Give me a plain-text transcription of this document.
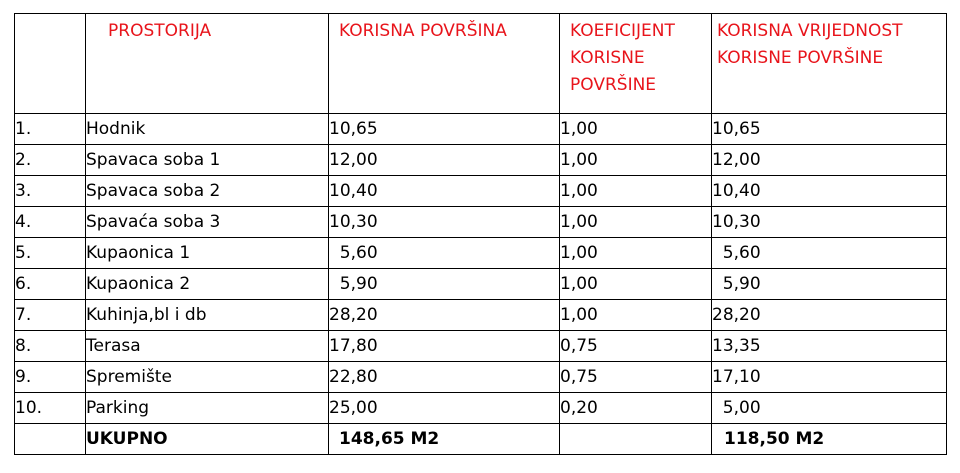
	PROSTORIJA	KORISNA POVRŠINA	KOEFICIJENT KORISNE POVRŠINE	KORISNA VRIJEDNOST KORISNE POVRŠINE
1.	Hodnik	10,65	1,00	10,65
2.	Spavaca soba 1	12,00	1,00	12,00
3.	Spavaca soba 2	10,40	1,00	10,40
4.	Spavaća soba 3	10,30	1,00	10,30
5.	Kupaonica 1	5,60	1,00	5,60
6.	Kupaonica 2	5,90	1,00	5,90
7.	Kuhinja,bl i db	28,20	1,00	28,20
8.	Terasa	17,80	0,75	13,35
9.	Spremište	22,80	0,75	17,10
10.	Parking	25,00	0,20	5,00
	UKUPNO	148,65 M2		118,50 M2
